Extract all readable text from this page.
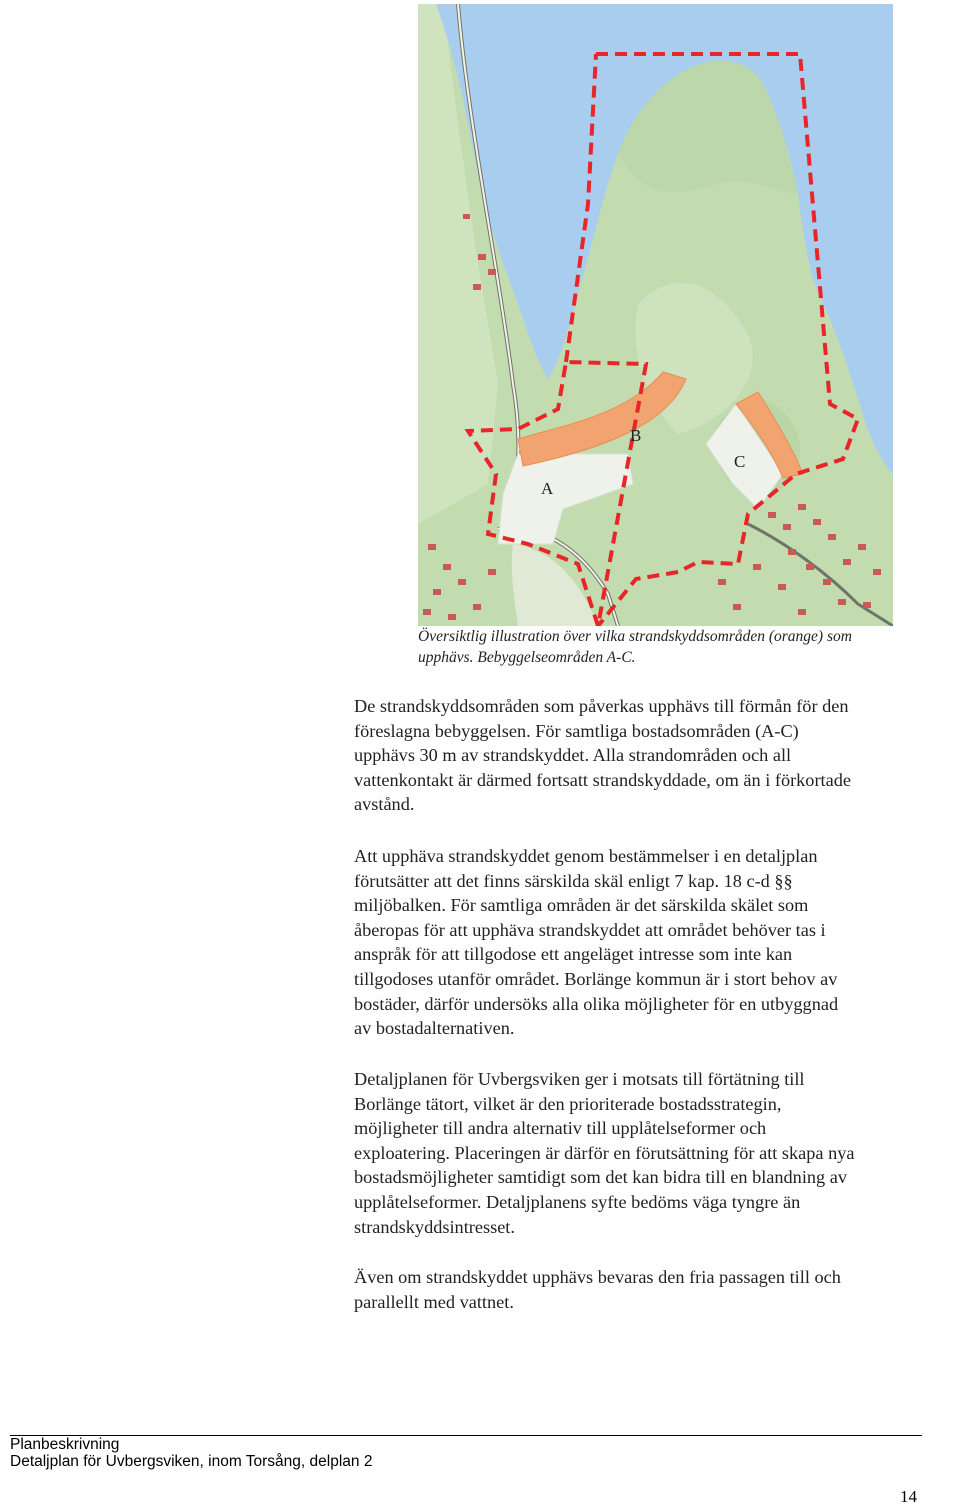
A
B
C
Översiktlig illustration över vilka strandskyddsområden (orange) som
upphävs. Bebyggelseområden A-C.
De strandskyddsområden som påverkas upphävs till förmån för den
föreslagna bebyggelsen. För samtliga bostadsområden (A-C)
upphävs 30 m av strandskyddet. Alla strandområden och all
vattenkontakt är därmed fortsatt strandskyddade, om än i förkortade
avstånd.
Att upphäva strandskyddet genom bestämmelser i en detaljplan
förutsätter att det finns särskilda skäl enligt 7 kap. 18 c-d §§
miljöbalken. För samtliga områden är det särskilda skälet som
åberopas för att upphäva strandskyddet att området behöver tas i
anspråk för att tillgodose ett angeläget intresse som inte kan
tillgodoses utanför området. Borlänge kommun är i stort behov av
bostäder, därför undersöks alla olika möjligheter för en utbyggnad
av bostadalternativen.
Detaljplanen för Uvbergsviken ger i motsats till förtätning till
Borlänge tätort, vilket är den prioriterade bostadsstrategin,
möjligheter till andra alternativ till upplåtelseformer och
exploatering. Placeringen är därför en förutsättning för att skapa nya
bostadsmöjligheter samtidigt som det kan bidra till en blandning av
upplåtelseformer. Detaljplanens syfte bedöms väga tyngre än
strandskyddsintresset.
Även om strandskyddet upphävs bevaras den fria passagen till och
parallellt med vattnet.
Planbeskrivning
Detaljplan för Uvbergsviken, inom Torsång, delplan 2
14
